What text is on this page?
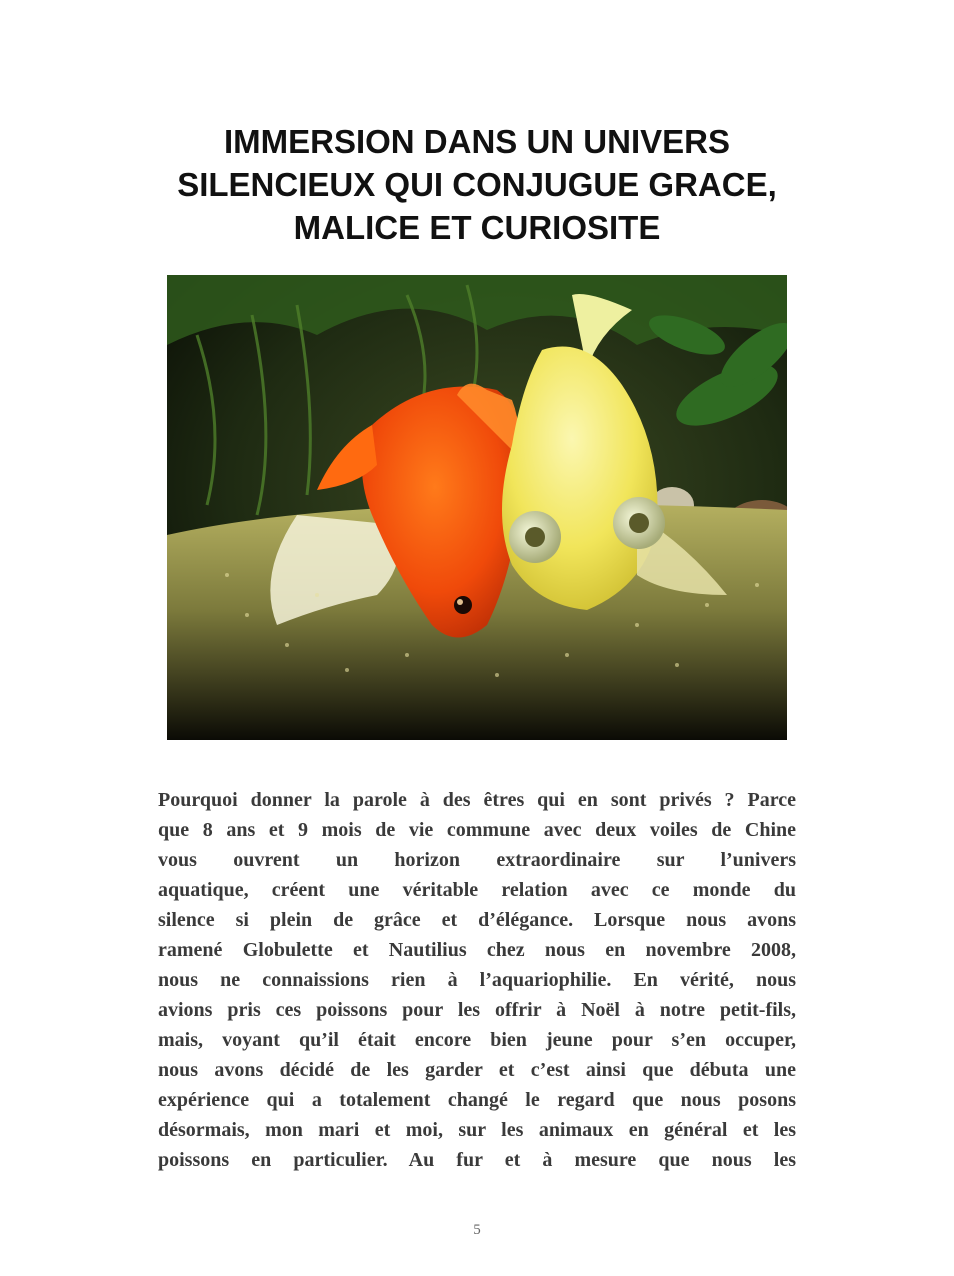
IMMERSION DANS UN UNIVERS
SILENCIEUX QUI CONJUGUE GRACE,
MALICE ET CURIOSITE
Pourquoi donner la parole à des êtres qui en sont privés ? Parce
que 8 ans et 9 mois de vie commune avec deux voiles de Chine
vous ouvrent un horizon extraordinaire sur l’univers
aquatique, créent une véritable relation avec ce monde du
silence si plein de grâce et d’élégance. Lorsque nous avons
ramené Globulette et Nautilius chez nous en novembre 2008,
nous ne connaissions rien à l’aquariophilie. En vérité, nous
avions pris ces poissons pour les offrir à Noël à notre petit-fils,
mais, voyant qu’il était encore bien jeune pour s’en occuper,
nous avons décidé de les garder et c’est ainsi que débuta une
expérience qui a totalement changé le regard que nous posons
désormais, mon mari et moi, sur les animaux en général et les
poissons en particulier. Au fur et à mesure que nous les
5
